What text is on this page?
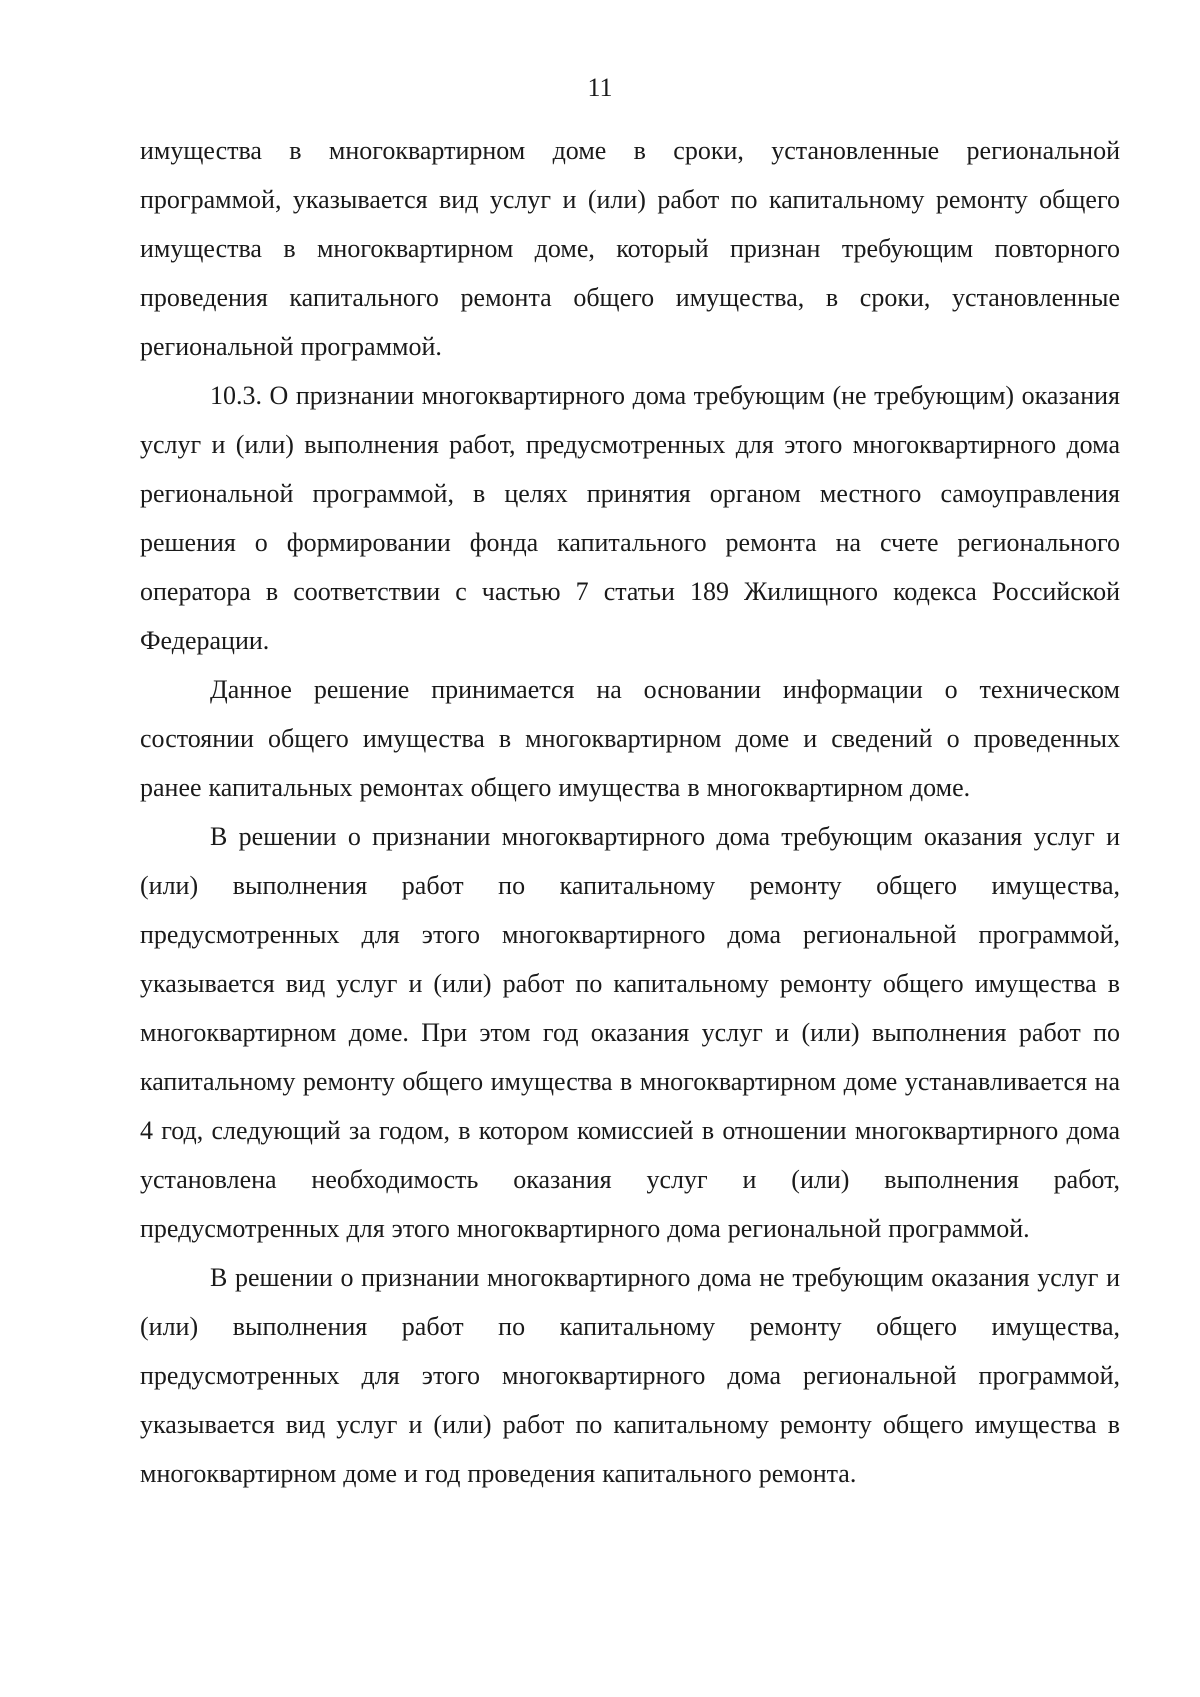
11

имущества в многоквартирном доме в сроки, установленные региональной программой, указывается вид услуг и (или) работ по капитальному ремонту общего имущества в многоквартирном доме, который признан требующим повторного проведения капитального ремонта общего имущества, в сроки, установленные региональной программой.

10.3. О признании многоквартирного дома требующим (не требующим) оказания услуг и (или) выполнения работ, предусмотренных для этого многоквартирного дома региональной программой, в целях принятия органом местного самоуправления решения о формировании фонда капитального ремонта на счете регионального оператора в соответствии с частью 7 статьи 189 Жилищного кодекса Российской Федерации.

Данное решение принимается на основании информации о техническом состоянии общего имущества в многоквартирном доме и сведений о проведенных ранее капитальных ремонтах общего имущества в многоквартирном доме.

В решении о признании многоквартирного дома требующим оказания услуг и (или) выполнения работ по капитальному ремонту общего имущества, предусмотренных для этого многоквартирного дома региональной программой, указывается вид услуг и (или) работ по капитальному ремонту общего имущества в многоквартирном доме. При этом год оказания услуг и (или) выполнения работ по капитальному ремонту общего имущества в многоквартирном доме устанавливается на 4 год, следующий за годом, в котором комиссией в отношении многоквартирного дома установлена необходимость оказания услуг и (или) выполнения работ, предусмотренных для этого многоквартирного дома региональной программой.

В решении о признании многоквартирного дома не требующим оказания услуг и (или) выполнения работ по капитальному ремонту общего имущества, предусмотренных для этого многоквартирного дома региональной программой, указывается вид услуг и (или) работ по капитальному ремонту общего имущества в многоквартирном доме и год проведения капитального ремонта.
